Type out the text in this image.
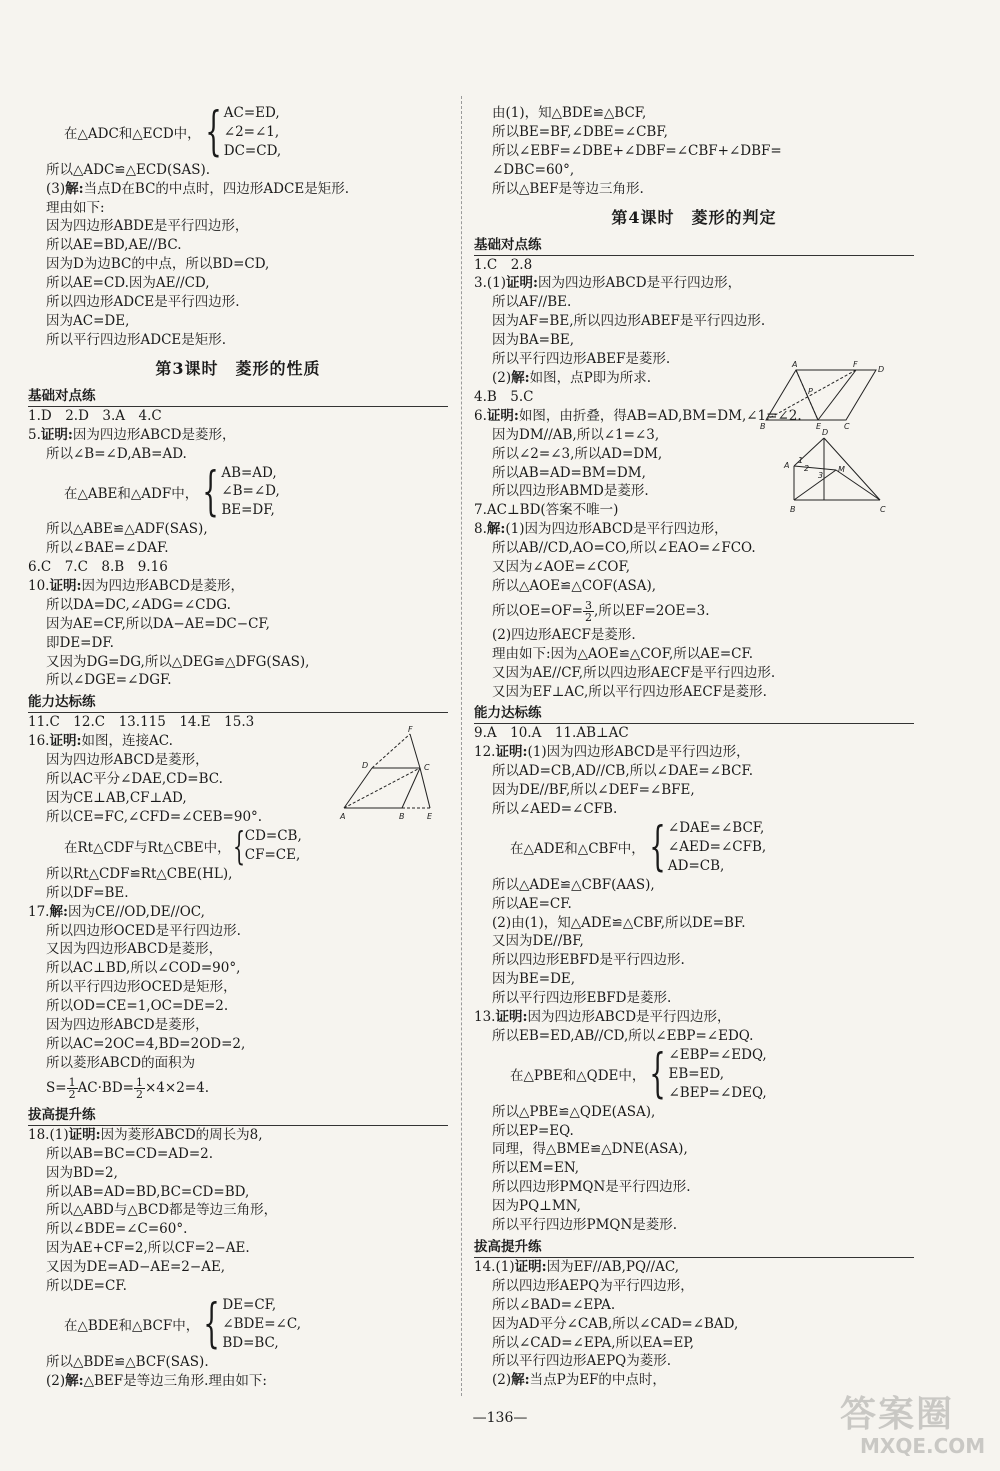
在△ADC和△ECD中， { AC=ED,
∠2=∠1,
DC=CD,
所以△ADC≌△ECD(SAS).
(3)解:当点D在BC的中点时，四边形ADCE是矩形.
理由如下:
因为四边形ABDE是平行四边形，
所以AE=BD,AE//BC.
因为D为边BC的中点，所以BD=CD,
所以AE=CD.因为AE//CD,
所以四边形ADCE是平行四边形.
因为AC=DE,
所以平行四边形ADCE是矩形.
第3课时　菱形的性质
基础对点练
1.D　2.D　3.A　4.C
5.证明:因为四边形ABCD是菱形，
所以∠B=∠D,AB=AD.
在△ABE和△ADF中， { AB=AD,
∠B=∠D,
BE=DF,
所以△ABE≌△ADF(SAS),
所以∠BAE=∠DAF.
6.C　7.C　8.B　9.16
10.证明:因为四边形ABCD是菱形，
所以DA=DC,∠ADG=∠CDG.
因为AE=CF,所以DA−AE=DC−CF,
即DE=DF.
又因为DG=DG,所以△DEG≌△DFG(SAS),
所以∠DGE=∠DGF.
能力达标练
11.C　12.C　13.115　14.E　15.3
16.证明:如图，连接AC.
因为四边形ABCD是菱形，
所以AC平分∠DAE,CD=BC.
因为CE⊥AB,CF⊥AD,
所以CE=FC,∠CFD=∠CEB=90°.
在Rt△CDF与Rt△CBE中， { CD=CB,
CF=CE,
所以Rt△CDF≌Rt△CBE(HL),
所以DF=BE.
17.解:因为CE//OD,DE//OC,
所以四边形OCED是平行四边形.
又因为四边形ABCD是菱形，
所以AC⊥BD,所以∠COD=90°,
所以平行四边形OCED是矩形，
所以OD=CE=1,OC=DE=2.
因为四边形ABCD是菱形，
所以AC=2OC=4,BD=2OD=2,
所以菱形ABCD的面积为
$S= \frac{1}{2} AC\cdot BD= \frac{1}{2} \times 4\times 2=4$.
拔高提升练
18.(1)证明:因为菱形ABCD的周长为8,
所以AB=BC=CD=AD=2.
因为BD=2,
所以AB=AD=BD,BC=CD=BD,
所以△ABD与△BCD都是等边三角形，
所以∠BDE=∠C=60°.
因为AE+CF=2,所以CF=2−AE.
又因为DE=AD−AE=2−AE,
所以DE=CF.
在△BDE和△BCF中， { DE=CF,
∠BDE=∠C,
BD=BC,
所以△BDE≌△BCF(SAS).
(2)解:△BEF是等边三角形.理由如下:
由(1)，知△BDE≌△BCF,
所以BE=BF,∠DBE=∠CBF,
所以∠EBF=∠DBE+∠DBF=∠CBF+∠DBF=
∠DBC=60°,
所以△BEF是等边三角形.
第4课时　菱形的判定
基础对点练
1.C　2.8
3.(1)证明:因为四边形ABCD是平行四边形，
所以AF//BE.
因为AF=BE,所以四边形ABEF是平行四边形.
因为BA=BE,
所以平行四边形ABEF是菱形.
(2)解:如图，点P即为所求.
4.B　5.C
6.证明:如图，由折叠，得AB=AD,BM=DM,∠1=∠2.
因为DM//AB,所以∠1=∠3,
所以∠2=∠3,所以AD=DM,
所以AB=AD=BM=DM,
所以四边形ABMD是菱形.
7.AC⊥BD(答案不唯一)
8.解:(1)因为四边形ABCD是平行四边形，
所以AB//CD,AO=CO,所以∠EAO=∠FCO.
又因为∠AOE=∠COF,
所以△AOE≌△COF(ASA),
所以$OE=OF= \frac{3}{2}$ ,所以EF=2OE=3.
(2)四边形AECF是菱形.
理由如下:因为△AOE≌△COF,所以AE=CF.
又因为AE//CF,所以四边形AECF是平行四边形.
又因为EF⊥AC,所以平行四边形AECF是菱形.
能力达标练
9.A　10.A　11.AB⊥AC
12.证明:(1)因为四边形ABCD是平行四边形，
所以AD=CB,AD//CB,所以∠DAE=∠BCF.
因为DE//BF,所以∠DEF=∠BFE,
所以∠AED=∠CFB.
在△ADE和△CBF中， { ∠DAE=∠BCF,
∠AED=∠CFB,
AD=CB,
所以△ADE≌△CBF(AAS),
所以AE=CF.
(2)由(1)，知△ADE≌△CBF,所以DE=BF.
又因为DE//BF,
所以四边形EBFD是平行四边形.
因为BE=DE,
所以平行四边形EBFD是菱形.
13.证明:因为四边形ABCD是平行四边形，
所以EB=ED,AB//CD,所以∠EBP=∠EDQ.
在△PBE和△QDE中， { ∠EBP=∠EDQ,
EB=ED,
∠BEP=∠DEQ,
所以△PBE≌△QDE(ASA),
所以EP=EQ.
同理，得△BME≌△DNE(ASA),
所以EM=EN,
所以四边形PMQN是平行四边形.
因为PQ⊥MN,
所以平行四边形PMQN是菱形.
拔高提升练
14.(1)证明:因为EF//AB,PQ//AC,
所以四边形AEPQ为平行四边形，
所以∠BAD=∠EPA.
因为AD平分∠CAB,所以∠CAD=∠BAD,
所以∠CAD=∠EPA,所以EA=EP,
所以平行四边形AEPQ为菱形.
(2)解:当点P为EF的中点时，
F
D	C
A	B	E
A	F
D
P
B	E	C
D
A
1
2
3
M
B	C
—136—	答案圈
MXQE.COM
